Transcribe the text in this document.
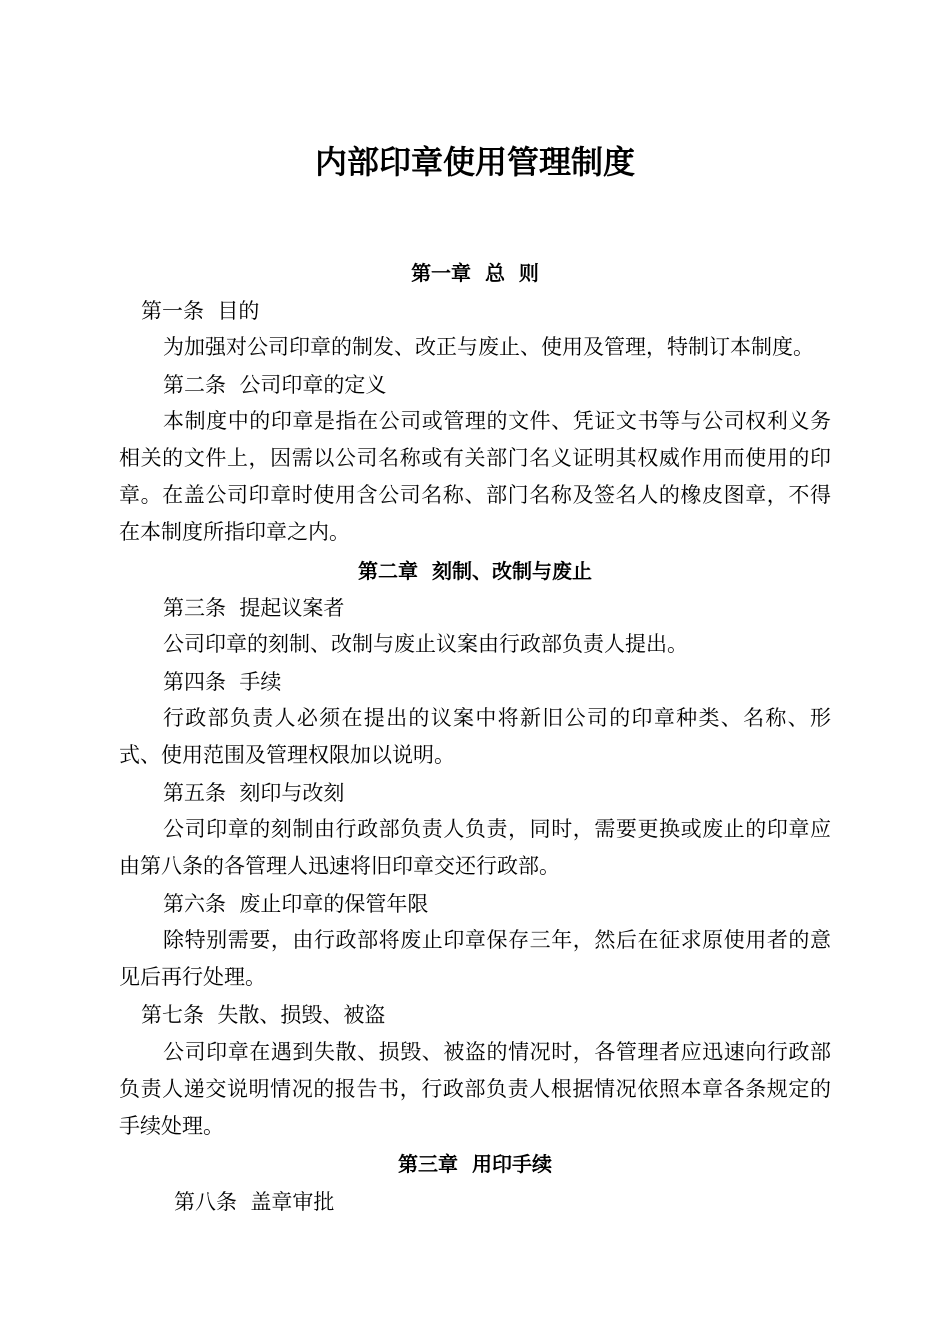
内部印章使用管理制度
第一章  总  则
第一条  目的
为加强对公司印章的制发、改正与废止、使用及管理，特制订本制度。
第二条  公司印章的定义
本制度中的印章是指在公司或管理的文件、凭证文书等与公司权利义务相关的文件上，因需以公司名称或有关部门名义证明其权威作用而使用的印章。在盖公司印章时使用含公司名称、部门名称及签名人的橡皮图章，不得在本制度所指印章之内。
第二章  刻制、改制与废止
第三条  提起议案者
公司印章的刻制、改制与废止议案由行政部负责人提出。
第四条  手续
行政部负责人必须在提出的议案中将新旧公司的印章种类、名称、形式、使用范围及管理权限加以说明。
第五条  刻印与改刻
公司印章的刻制由行政部负责人负责，同时，需要更换或废止的印章应由第八条的各管理人迅速将旧印章交还行政部。
第六条  废止印章的保管年限
除特别需要，由行政部将废止印章保存三年，然后在征求原使用者的意见后再行处理。
第七条  失散、损毁、被盗
公司印章在遇到失散、损毁、被盗的情况时，各管理者应迅速向行政部负责人递交说明情况的报告书，行政部负责人根据情况依照本章各条规定的手续处理。
第三章  用印手续
第八条  盖章审批
